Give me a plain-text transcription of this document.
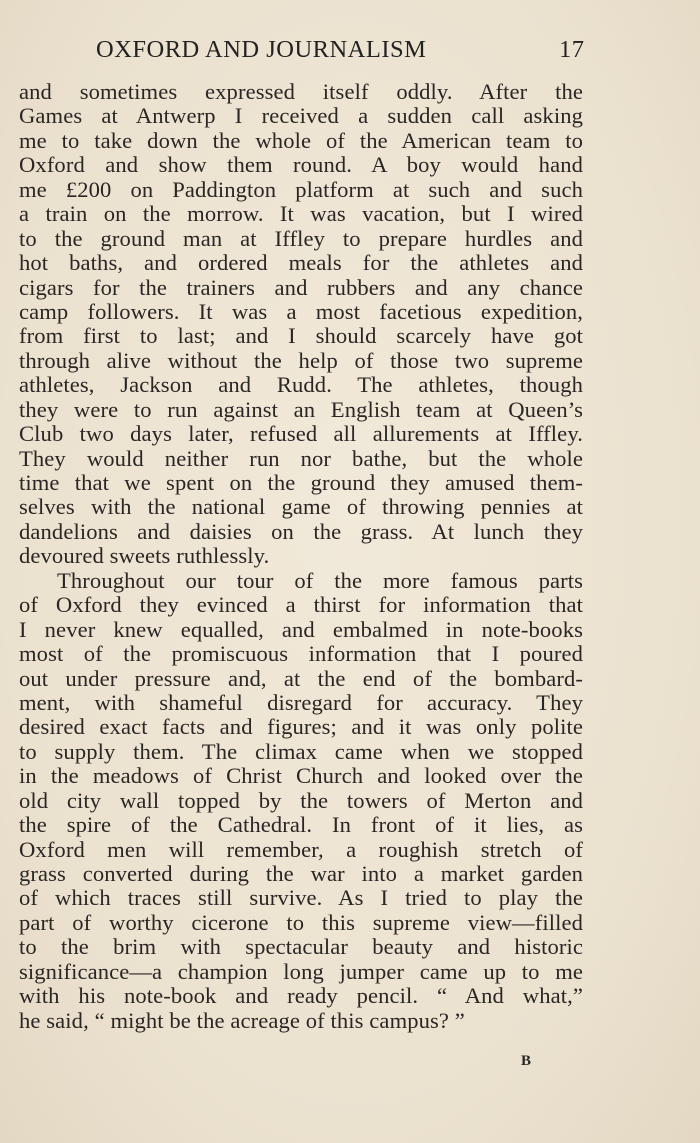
OXFORD AND JOURNALISM	17
and sometimes expressed itself oddly. After the
Games at Antwerp I received a sudden call asking
me to take down the whole of the American team to
Oxford and show them round. A boy would hand
me £200 on Paddington platform at such and such
a train on the morrow. It was vacation, but I wired
to the ground man at Iffley to prepare hurdles and
hot baths, and ordered meals for the athletes and
cigars for the trainers and rubbers and any chance
camp followers. It was a most facetious expedition,
from first to last; and I should scarcely have got
through alive without the help of those two supreme
athletes, Jackson and Rudd. The athletes, though
they were to run against an English team at Queen’s
Club two days later, refused all allurements at Iffley.
They would neither run nor bathe, but the whole
time that we spent on the ground they amused them-
selves with the national game of throwing pennies at
dandelions and daisies on the grass. At lunch they
devoured sweets ruthlessly.
Throughout our tour of the more famous parts
of Oxford they evinced a thirst for information that
I never knew equalled, and embalmed in note-books
most of the promiscuous information that I poured
out under pressure and, at the end of the bombard-
ment, with shameful disregard for accuracy. They
desired exact facts and figures; and it was only polite
to supply them. The climax came when we stopped
in the meadows of Christ Church and looked over the
old city wall topped by the towers of Merton and
the spire of the Cathedral. In front of it lies, as
Oxford men will remember, a roughish stretch of
grass converted during the war into a market garden
of which traces still survive. As I tried to play the
part of worthy cicerone to this supreme view—filled
to the brim with spectacular beauty and historic
significance—a champion long jumper came up to me
with his note-book and ready pencil. “ And what,”
he said, “ might be the acreage of this campus? ”
B
